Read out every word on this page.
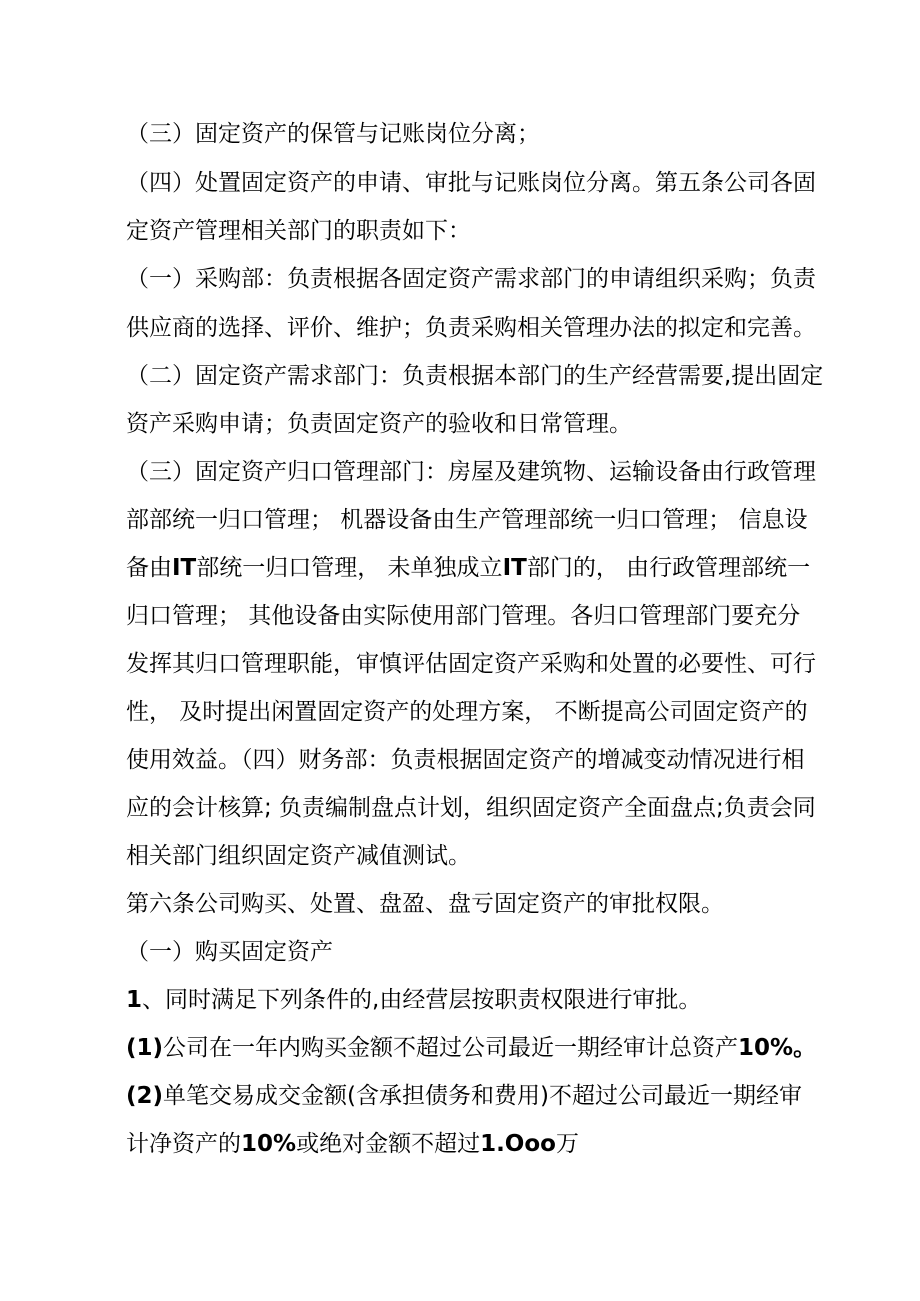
（三）固定资产的保管与记账岗位分离；
（四）处置固定资产的申请、审批与记账岗位分离。第五条公司各固
定资产管理相关部门的职责如下：
（一）采购部：负责根据各固定资产需求部门的申请组织采购；负责
供应商的选择、评价、维护；负责采购相关管理办法的拟定和完善。
（二）固定资产需求部门：负责根据本部门的生产经营需要,提出固定
资产采购申请；负责固定资产的验收和日常管理。
（三）固定资产归口管理部门：房屋及建筑物、运输设备由行政管理
部部统一归口管理； 机器设备由生产管理部统一归口管理； 信息设
备由IT部统一归口管理， 未单独成立IT部门的， 由行政管理部统一
归口管理； 其他设备由实际使用部门管理。各归口管理部门要充分
发挥其归口管理职能，审慎评估固定资产采购和处置的必要性、可行
性， 及时提出闲置固定资产的处理方案， 不断提高公司固定资产的
使用效益。（四）财务部：负责根据固定资产的增减变动情况进行相
应的会计核算; 负责编制盘点计划，组织固定资产全面盘点;负责会同
相关部门组织固定资产减值测试。
第六条公司购买、处置、盘盈、盘亏固定资产的审批权限。
（一）购买固定资产
1、同时满足下列条件的,由经营层按职责权限进行审批。
(1)公司在一年内购买金额不超过公司最近一期经审计总资产10%。
(2)单笔交易成交金额(含承担债务和费用)不超过公司最近一期经审
计净资产的10%或绝对金额不超过1.Ooo万
